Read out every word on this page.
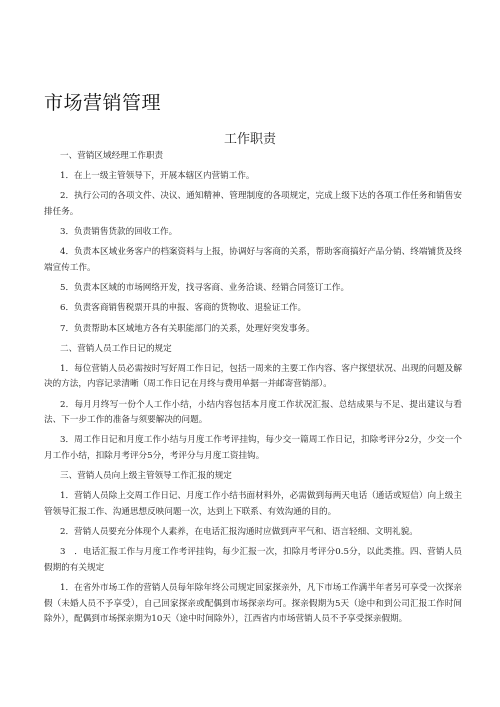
市场营销管理
工作职责

一、营销区域经理工作职责

1．在上一级主管领导下，开展本辖区内营销工作。

2．执行公司的各项文件、决议、通知精神、管理制度的各项规定，完成上级下达的各项工作任务和销售安排任务。

3．负责销售货款的回收工作。

4．负责本区域业务客户的档案资料与上报，协调好与客商的关系，帮助客商搞好产品分销、终端铺货及终端宣传工作。

5．负责本区域的市场网络开发，找寻客商、业务洽谈、经销合同签订工作。

6．负责客商销售税票开具的申报、客商的货物收、退验证工作。

7．负责帮助本区域地方各有关职能部门的关系，处理好突发事务。

二、营销人员工作日记的规定

1．每位营销人员必需按时写好周工作日记，包括一周来的主要工作内容、客户探望状况、出现的问题及解决的方法，内容记录清晰（周工作日记在月终与费用单据一并邮寄营销部）。

2．每月月终写一份个人工作小结，小结内容包括本月度工作状况汇报、总结成果与不足、提出建议与看法、下一步工作的准备与须要解决的问题。

3．周工作日记和月度工作小结与月度工作考评挂钩，每少交一篇周工作日记，扣除考评分2分，少交一个月工作小结，扣除月考评分5分，考评分与月度工资挂钩。

三、营销人员向上级主管领导工作汇报的规定

1．营销人员除上交周工作日记、月度工作小结书面材料外，必需做到每两天电话（通话或短信）向上级主管领导汇报工作、沟通思想反映问题一次，达到上下联系、有效沟通的目的。

2．营销人员要充分体现个人素养，在电话汇报沟通时应做到声平气和、语言轻细、文明礼貌。

3　．电话汇报工作与月度工作考评挂钩，每少汇报一次，扣除月考评分0.5分，以此类推。四、营销人员假期的有关规定

1．在省外市场工作的营销人员每年除年终公司规定回家探亲外，凡下市场工作满半年者另可享受一次探亲假（未婚人员不予享受），自己回家探亲或配偶到市场探亲均可。探亲假期为5天（途中和到公司汇报工作时间除外），配偶到市场探亲期为10天（途中时间除外），江西省内市场营销人员不予享受探亲假期。
